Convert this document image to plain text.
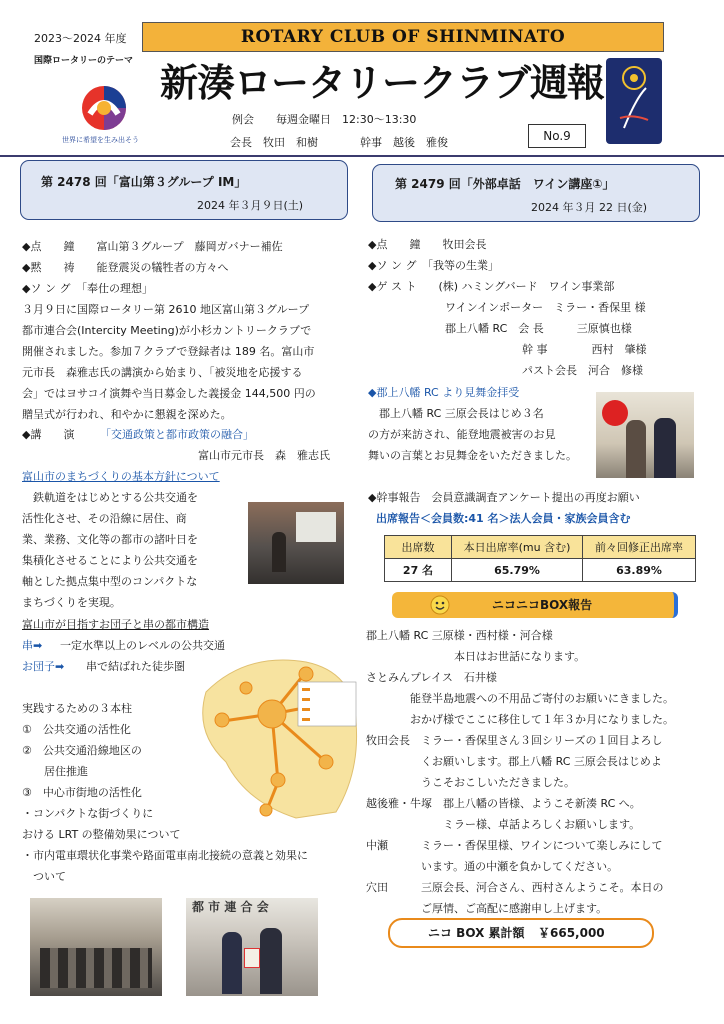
2023～2024 年度
国際ロータリーのテーマ
世界に希望を生み出そう
ROTARY CLUB OF SHINMINATO
新湊ロータリークラブ週報
例会　　毎週金曜日　12:30～13:30
会長　牧田　和樹	幹事　越後　雅俊	No.9
第 2478 回「富山第３グループ IM」
2024 年３月９日(土)
◆点　　鐘　　富山第３グループ　藤岡ガバナー補佐
◆黙　　祷　　能登震災の犠牲者の方々へ
◆ソ ン グ　「奉仕の理想」
３月９日に国際ロータリー第 2610 地区富山第３グループ
都市連合会(Intercity Meeting)が小杉カントリークラブで
開催されました。参加７クラブで登録者は 189 名。富山市
元市長　森雅志氏の講演から始まり、「被災地を応援する
会」ではヨサコイ演舞や当日募金した義援金 144,500 円の
贈呈式が行われ、和やかに懇親を深めた。
◆講　　演 「交通政策と都市政策の融合」
富山市元市長　森　雅志氏
富山市のまちづくりの基本方針について
　鉄軌道をはじめとする公共交通を
活性化させ、その沿線に居住、商
業、業務、文化等の都市の諸叶日を
集積化させることにより公共交通を
軸とした拠点集中型のコンパクトな
まちづくりを実現。
富山市が目指すお団子と串の都市構造
串➡ 一定水準以上のレベルの公共交通
お団子➡ 串で結ばれた徒歩圏
実践するための３本柱
①　公共交通の活性化
②　公共交通沿線地区の
　　居住推進
③　中心市街地の活性化
・コンパクトな街づくりに
おける LRT の整備効果について
・市内電車環状化事業や路面電車南北接続の意義と効果に
　ついて
都 市 連 合 会
第 2479 回「外部卓話　ワイン講座①」
2024 年３月 22 日(金)
◆点　　鐘　　牧田会長
◆ソ ン グ　「我等の生業」
◆ゲ ス ト　　(株) ハミングバード　ワイン事業部
　　　　　　　ワインインポーター　ミラー・香保里 様
　　　　　　　郡上八幡 RC　会 長　　　三原慎也様
　　　　　　　　　　　　　　幹 事　　　　西村　肇様
　　　　　　　　　　　　　　パスト会長　河合　修様
◆郡上八幡 RC より見舞金拝受
　郡上八幡 RC 三原会長はじめ３名
の方が来訪され、能登地震被害のお見
舞いの言葉とお見舞金をいただきました。
◆幹事報告　会員意識調査アンケート提出の再度お願い
出席報告＜会員数:41 名＞法人会員・家族会員含む
出席数	本日出席率(mu 含む)	前々回修正出席率
27 名	65.79%	63.89%
ニコニコBOX報告
郡上八幡 RC 三原様・西村様・河合様
　　　　　　　　本日はお世話になります。
さとみんプレイス　石井様
　　　　能登半島地震への不用品ご寄付のお願いにきました。
　　　　おかげ様でここに移住して１年３か月になりました。
牧田会長　ミラー・香保里さん３回シリーズの１回目よろし
　　　　　くお願いします。郡上八幡 RC 三原会長はじめよ
　　　　　うこそおこしいただきました。
越後雅・牛塚　郡上八幡の皆様、ようこそ新湊 RC へ。
　　　　　　　ミラー様、卓話よろしくお願いします。
中瀬　　　ミラー・香保里様、ワインについて楽しみにして
　　　　　います。通の中瀬を負かしてください。
穴田　　　三原会長、河合さん、西村さんようこそ。本日の
　　　　　ご厚情、ご高配に感謝申し上げます。
ニコ BOX 累計額 ￥665,000
